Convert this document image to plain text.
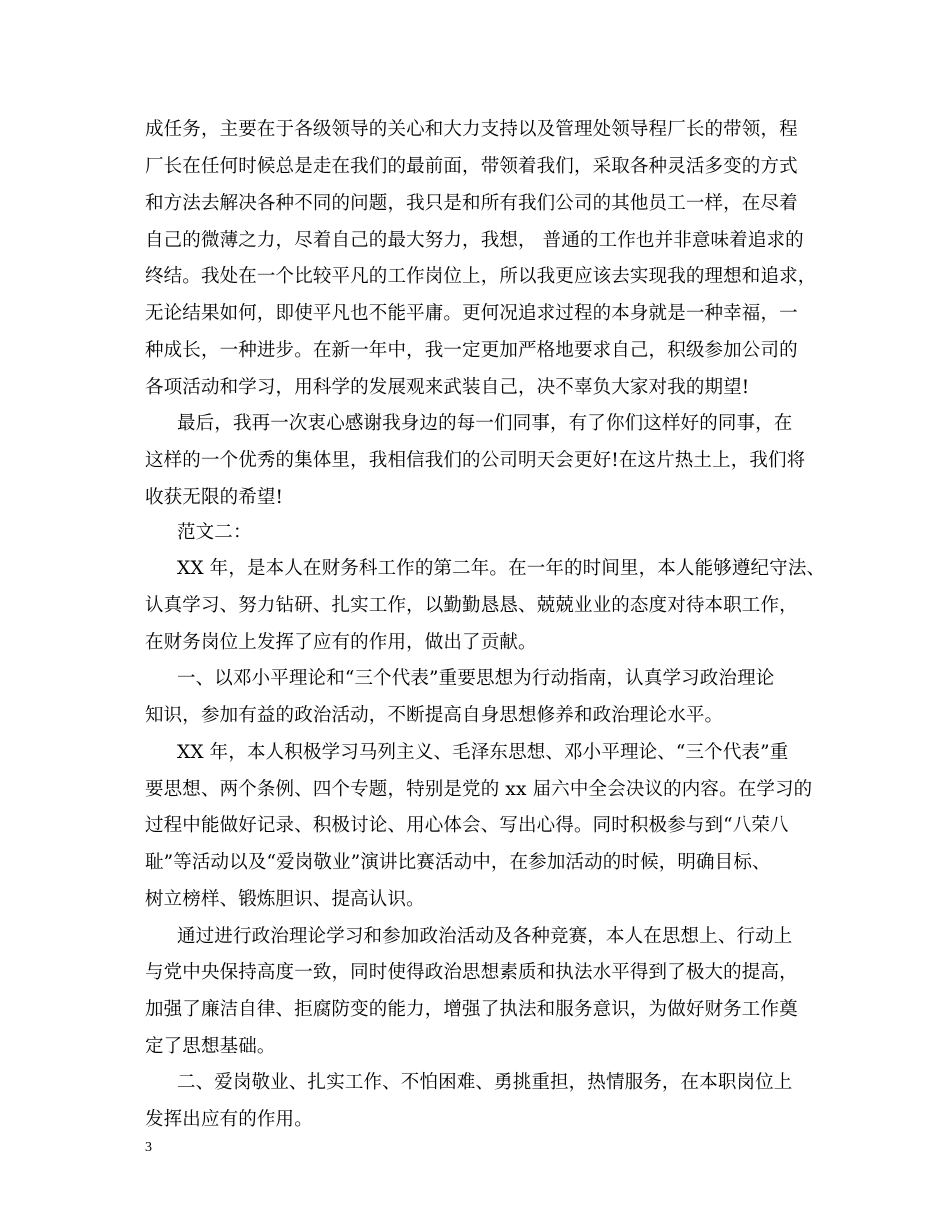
成任务，主要在于各级领导的关心和大力支持以及管理处领导程厂长的带领，程
厂长在任何时候总是走在我们的最前面，带领着我们，采取各种灵活多变的方式
和方法去解决各种不同的问题，我只是和所有我们公司的其他员工一样，在尽着
自己的微薄之力，尽着自己的最大努力，我想， 普通的工作也并非意味着追求的
终结。我处在一个比较平凡的工作岗位上，所以我更应该去实现我的理想和追求，
无论结果如何，即使平凡也不能平庸。更何况追求过程的本身就是一种幸福，一
种成长，一种进步。在新一年中，我一定更加严格地要求自己，积级参加公司的
各项活动和学习，用科学的发展观来武装自己，决不辜负大家对我的期望!
最后，我再一次衷心感谢我身边的每一们同事，有了你们这样好的同事，在
这样的一个优秀的集体里，我相信我们的公司明天会更好!在这片热土上，我们将
收获无限的希望!
范文二：
XX 年，是本人在财务科工作的第二年。在一年的时间里，本人能够遵纪守法、
认真学习、努力钻研、扎实工作，以勤勤恳恳、兢兢业业的态度对待本职工作，
在财务岗位上发挥了应有的作用，做出了贡献。
一、以邓小平理论和“三个代表”重要思想为行动指南，认真学习政治理论
知识，参加有益的政治活动，不断提高自身思想修养和政治理论水平。
XX 年，本人积极学习马列主义、毛泽东思想、邓小平理论、“三个代表”重
要思想、两个条例、四个专题，特别是党的 xx 届六中全会决议的内容。在学习的
过程中能做好记录、积极讨论、用心体会、写出心得。同时积极参与到“八荣八
耻”等活动以及“爱岗敬业”演讲比赛活动中，在参加活动的时候，明确目标、
树立榜样、锻炼胆识、提高认识。
通过进行政治理论学习和参加政治活动及各种竞赛，本人在思想上、行动上
与党中央保持高度一致，同时使得政治思想素质和执法水平得到了极大的提高，
加强了廉洁自律、拒腐防变的能力，增强了执法和服务意识，为做好财务工作奠
定了思想基础。
二、爱岗敬业、扎实工作、不怕困难、勇挑重担，热情服务，在本职岗位上
发挥出应有的作用。
3
